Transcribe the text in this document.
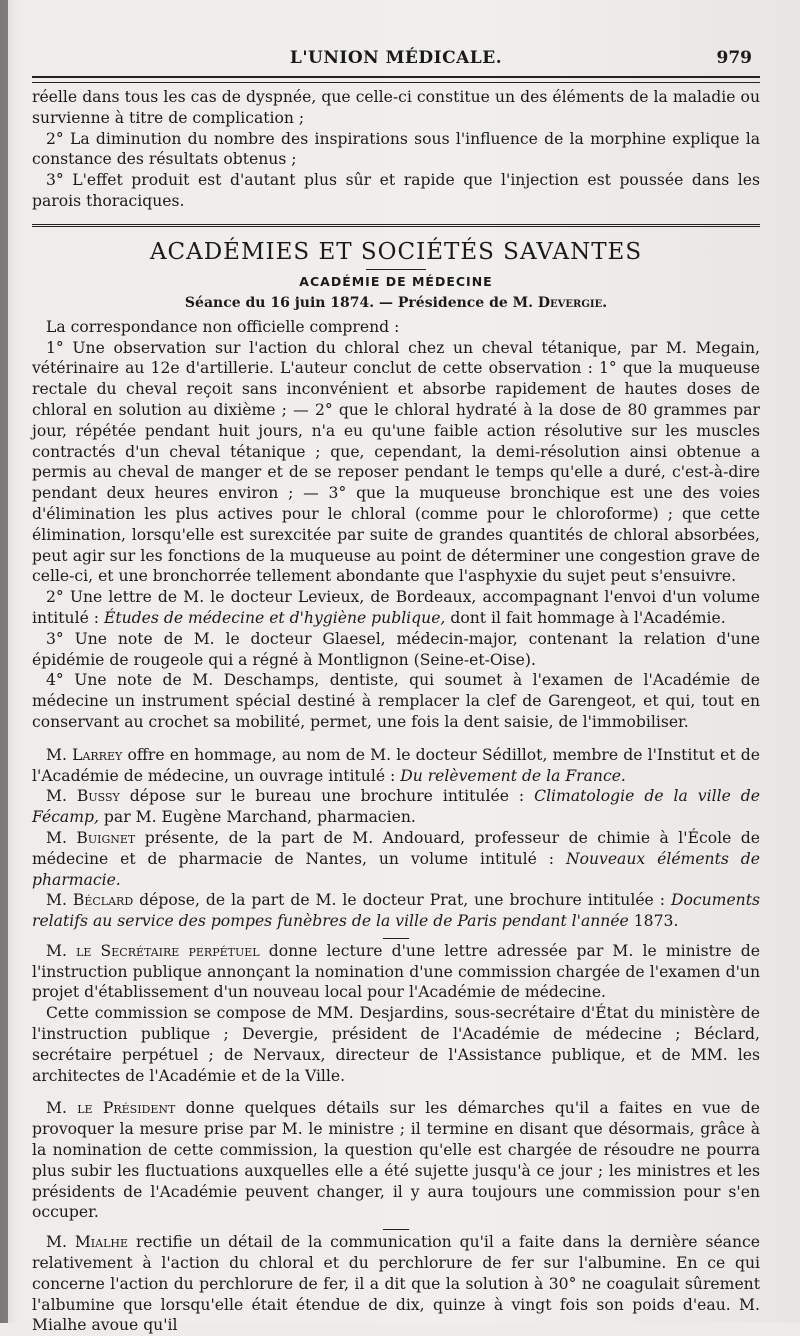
L'UNION MÉDICALE.	979

réelle dans tous les cas de dyspnée, que celle-ci constitue un des éléments de la maladie ou survienne à titre de complication ;

2° La diminution du nombre des inspirations sous l'influence de la morphine explique la constance des résultats obtenus ;

3° L'effet produit est d'autant plus sûr et rapide que l'injection est poussée dans les parois thoraciques.

ACADÉMIES ET SOCIÉTÉS SAVANTES
ACADÉMIE DE MÉDECINE
Séance du 16 juin 1874. — Présidence de M. Devergie.

La correspondance non officielle comprend :

1° Une observation sur l'action du chloral chez un cheval tétanique, par M. Megain, vétérinaire au 12e d'artillerie. L'auteur conclut de cette observation : 1° que la muqueuse rectale du cheval reçoit sans inconvénient et absorbe rapidement de hautes doses de chloral en solution au dixième ; — 2° que le chloral hydraté à la dose de 80 grammes par jour, répétée pendant huit jours, n'a eu qu'une faible action résolutive sur les muscles contractés d'un cheval tétanique ; que, cependant, la demi-résolution ainsi obtenue a permis au cheval de manger et de se reposer pendant le temps qu'elle a duré, c'est-à-dire pendant deux heures environ ; — 3° que la muqueuse bronchique est une des voies d'élimination les plus actives pour le chloral (comme pour le chloroforme) ; que cette élimination, lorsqu'elle est surexcitée par suite de grandes quantités de chloral absorbées, peut agir sur les fonctions de la muqueuse au point de déterminer une congestion grave de celle-ci, et une bronchorrée tellement abondante que l'asphyxie du sujet peut s'ensuivre.

2° Une lettre de M. le docteur Levieux, de Bordeaux, accompagnant l'envoi d'un volume intitulé : Études de médecine et d'hygiène publique, dont il fait hommage à l'Académie.

3° Une note de M. le docteur Glaesel, médecin-major, contenant la relation d'une épidémie de rougeole qui a régné à Montlignon (Seine-et-Oise).

4° Une note de M. Deschamps, dentiste, qui soumet à l'examen de l'Académie de médecine un instrument spécial destiné à remplacer la clef de Garengeot, et qui, tout en conservant au crochet sa mobilité, permet, une fois la dent saisie, de l'immobiliser.

M. Larrey offre en hommage, au nom de M. le docteur Sédillot, membre de l'Institut et de l'Académie de médecine, un ouvrage intitulé : Du relèvement de la France.

M. Bussy dépose sur le bureau une brochure intitulée : Climatologie de la ville de Fécamp, par M. Eugène Marchand, pharmacien.

M. Buignet présente, de la part de M. Andouard, professeur de chimie à l'École de médecine et de pharmacie de Nantes, un volume intitulé : Nouveaux éléments de pharmacie.

M. Béclard dépose, de la part de M. le docteur Prat, une brochure intitulée : Documents relatifs au service des pompes funèbres de la ville de Paris pendant l'année 1873.

M. le Secrétaire perpétuel donne lecture d'une lettre adressée par M. le ministre de l'instruction publique annonçant la nomination d'une commission chargée de l'examen d'un projet d'établissement d'un nouveau local pour l'Académie de médecine.

Cette commission se compose de MM. Desjardins, sous-secrétaire d'État du ministère de l'instruction publique ; Devergie, président de l'Académie de médecine ; Béclard, secrétaire perpétuel ; de Nervaux, directeur de l'Assistance publique, et de MM. les architectes de l'Académie et de la Ville.

M. le Président donne quelques détails sur les démarches qu'il a faites en vue de provoquer la mesure prise par M. le ministre ; il termine en disant que désormais, grâce à la nomination de cette commission, la question qu'elle est chargée de résoudre ne pourra plus subir les fluctuations auxquelles elle a été sujette jusqu'à ce jour ; les ministres et les présidents de l'Académie peuvent changer, il y aura toujours une commission pour s'en occuper.

M. Mialhe rectifie un détail de la communication qu'il a faite dans la dernière séance relativement à l'action du chloral et du perchlorure de fer sur l'albumine. En ce qui concerne l'action du perchlorure de fer, il a dit que la solution à 30° ne coagulait sûrement l'albumine que lorsqu'elle était étendue de dix, quinze à vingt fois son poids d'eau. M. Mialhe avoue qu'il
